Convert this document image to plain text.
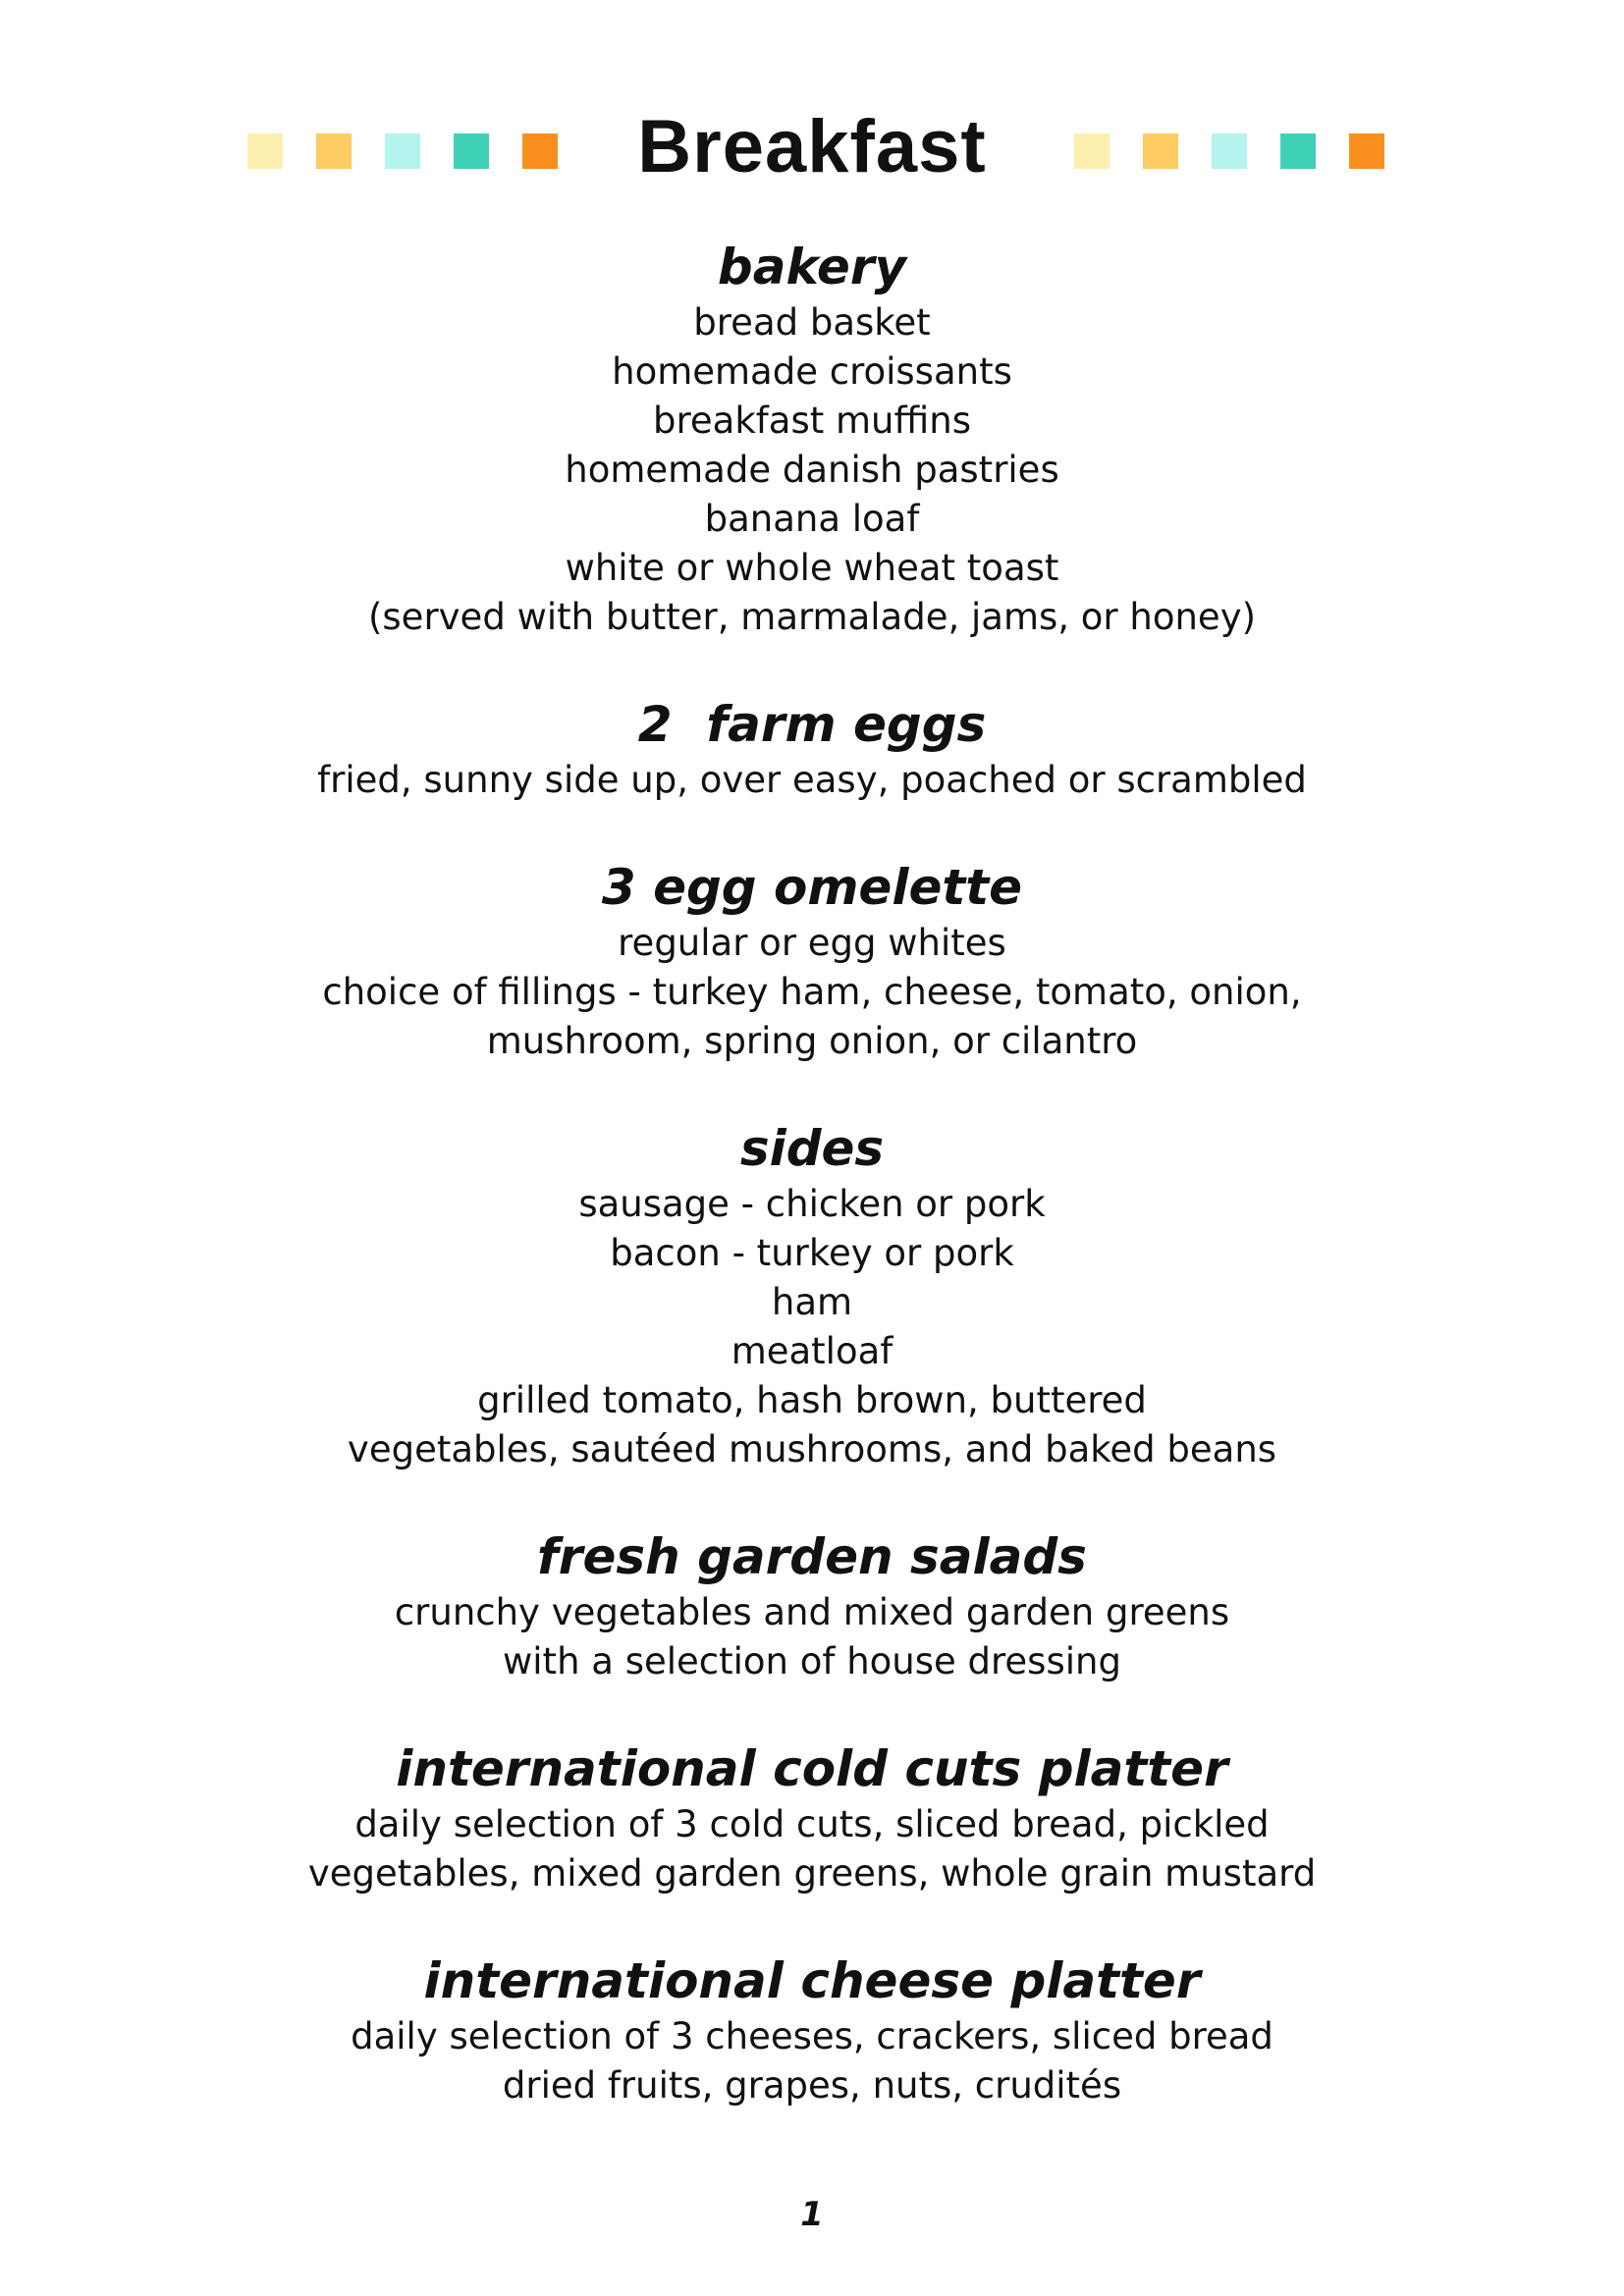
Breakfast

bakery

bread basket

homemade croissants

breakfast muffins

homemade danish pastries

banana loaf

white or whole wheat toast

(served with butter, marmalade, jams, or honey)

2  farm eggs

fried, sunny side up, over easy, poached or scrambled

3 egg omelette

regular or egg whites

choice of fillings - turkey ham, cheese, tomato, onion,

mushroom, spring onion, or cilantro

sides

sausage - chicken or pork

bacon - turkey or pork

ham

meatloaf

grilled tomato, hash brown, buttered

vegetables, sautéed mushrooms, and baked beans

fresh garden salads

crunchy vegetables and mixed garden greens

with a selection of house dressing

international cold cuts platter

daily selection of 3 cold cuts, sliced bread, pickled

vegetables, mixed garden greens, whole grain mustard

international cheese platter

daily selection of 3 cheeses, crackers, sliced bread

dried fruits, grapes, nuts, crudités

1
